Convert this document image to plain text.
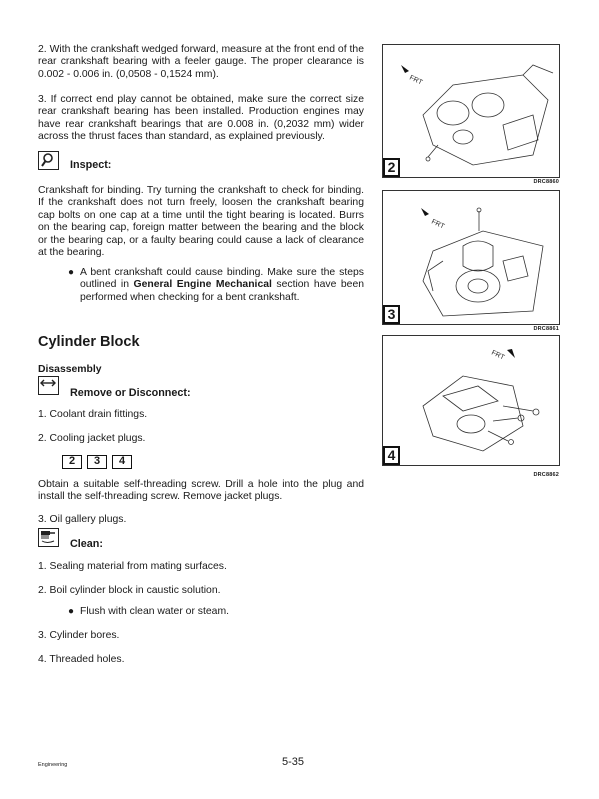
2. With the crankshaft wedged forward, measure at the front end of the rear crankshaft bearing with a feeler gauge. The proper clearance is 0.002 - 0.006 in. (0,0508 - 0,1524 mm).

3. If correct end play cannot be obtained, make sure the correct size rear crankshaft bearing has been installed. Production engines may have rear crankshaft bearings that are 0.008 in. (0,2032 mm) wider across the thrust faces than standard, as explained previously.

Inspect:

Crankshaft for binding. Try turning the crankshaft to check for binding. If the crankshaft does not turn freely, loosen the crankshaft bearing cap bolts on one cap at a time until the tight bearing is located. Burrs on the bearing cap, foreign matter between the bearing and the block or the bearing cap, or a faulty bearing could cause a lack of clearance at the bearing.

● A bent crankshaft could cause binding. Make sure the steps outlined in General Engine Mechanical section have been performed when checking for a bent crankshaft.
Cylinder Block
Disassembly
Remove or Disconnect:
1. Coolant drain fittings.
2. Cooling jacket plugs.
2 3 4

Obtain a suitable self-threading screw. Drill a hole into the plug and install the self-threading screw. Remove jacket plugs.

3. Oil gallery plugs.
Clean:
1. Sealing material from mating surfaces.
2. Boil cylinder block in caustic solution.
● Flush with clean water or steam.
3. Cylinder bores.
4. Threaded holes.
FRT
2
DRC8860
FRT
3
DRC8861
FRT
4
DRC8862
Engineering	5-35
